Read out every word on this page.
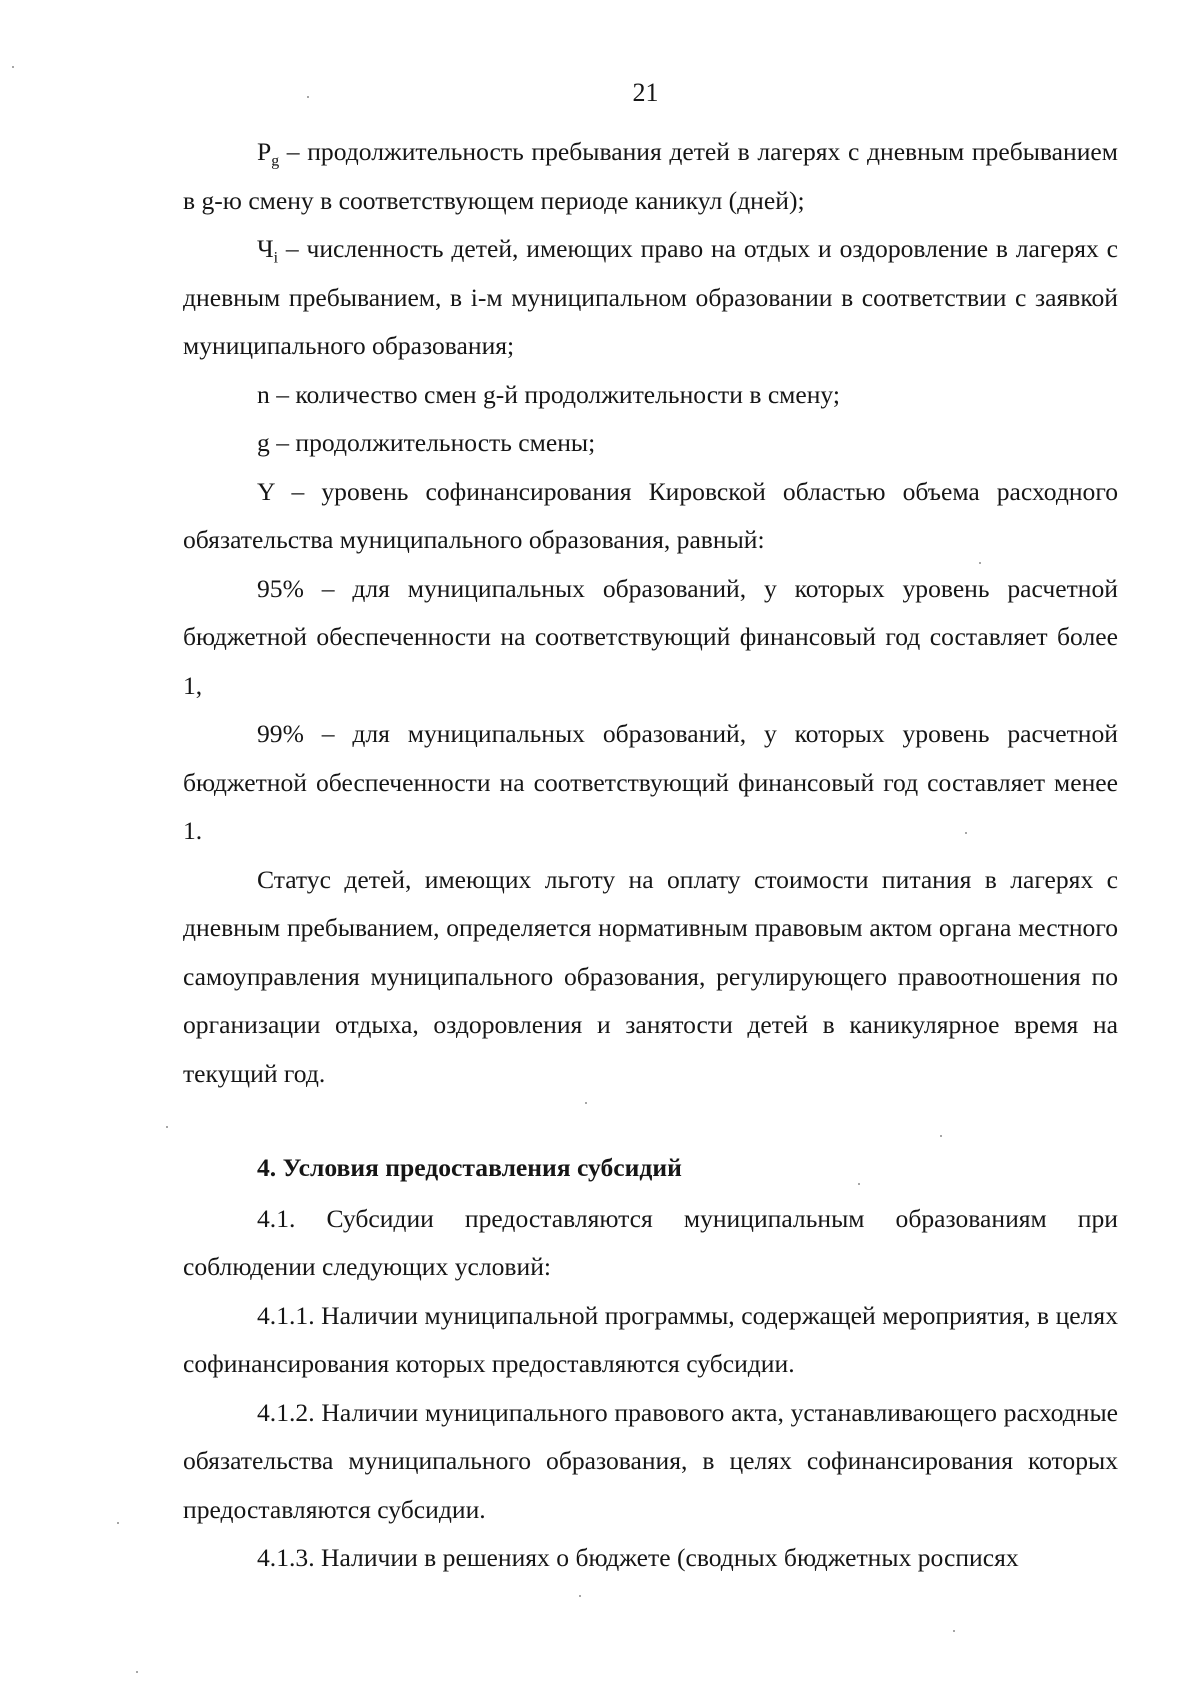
21

$P_g$ – продолжительность пребывания детей в лагерях с дневным пребыванием в g-ю смену в соответствующем периоде каникул (дней);

$Ч_i$ – численность детей, имеющих право на отдых и оздоровление в лагерях с дневным пребыванием, в i-м муниципальном образовании в соответствии с заявкой муниципального образования;

n – количество смен g-й продолжительности в смену;

g – продолжительность смены;

Y – уровень софинансирования Кировской областью объема расходного обязательства муниципального образования, равный:

95% – для муниципальных образований, у которых уровень расчетной бюджетной обеспеченности на соответствующий финансовый год составляет более 1,

99% – для муниципальных образований, у которых уровень расчетной бюджетной обеспеченности на соответствующий финансовый год составляет менее 1.

Статус детей, имеющих льготу на оплату стоимости питания в лагерях с дневным пребыванием, определяется нормативным правовым актом органа местного самоуправления муниципального образования, регулирующего правоотношения по организации отдыха, оздоровления и занятости детей в каникулярное время на текущий год.

4. Условия предоставления субсидий

4.1. Субсидии предоставляются муниципальным образованиям при соблюдении следующих условий:

4.1.1. Наличии муниципальной программы, содержащей мероприятия, в целях софинансирования которых предоставляются субсидии.

4.1.2. Наличии муниципального правового акта, устанавливающего расходные обязательства муниципального образования, в целях софинансирования которых предоставляются субсидии.

4.1.3. Наличии в решениях о бюджете (сводных бюджетных росписях
